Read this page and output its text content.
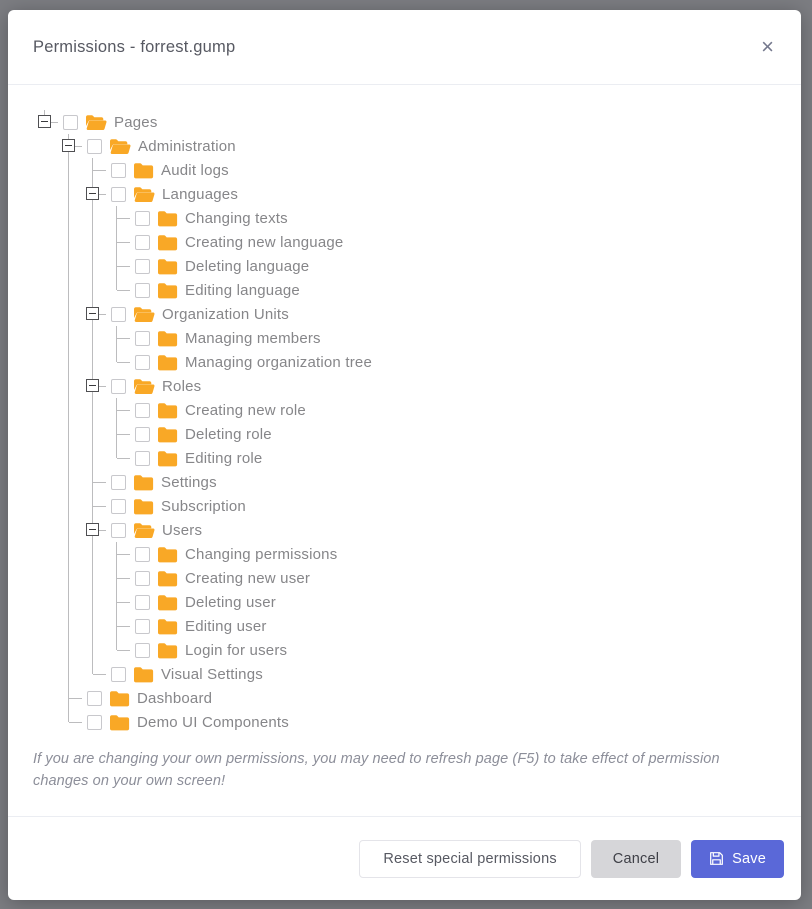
Permissions - forrest.gump	×
Pages
Administration
Audit logs
Languages
Changing texts
Creating new language
Deleting language
Editing language
Organization Units
Managing members
Managing organization tree
Roles
Creating new role
Deleting role
Editing role
Settings
Subscription
Users
Changing permissions
Creating new user
Deleting user
Editing user
Login for users
Visual Settings
Dashboard
Demo UI Components
If you are changing your own permissions, you may need to refresh page (F5) to take effect of permission changes on your own screen!
Reset special permissions	Cancel	Save
